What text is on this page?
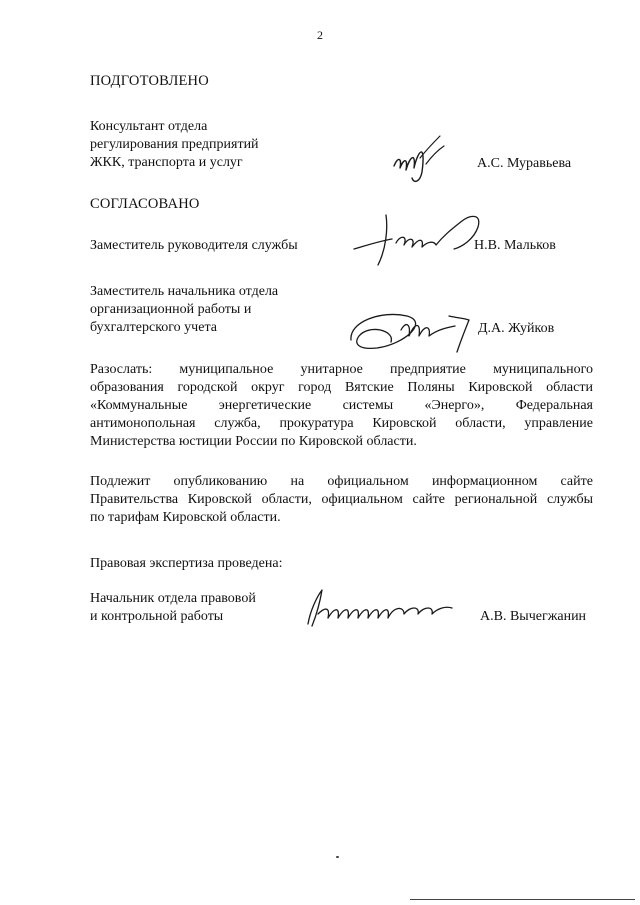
2
ПОДГОТОВЛЕНО
Консультант отдела
регулирования предприятий
ЖКК, транспорта и услуг	А.С. Муравьева
СОГЛАСОВАНО
Заместитель руководителя службы	Н.В. Мальков
Заместитель начальника отдела
организационной работы и
бухгалтерского учета	Д.А. Жуйков
Разослать: муниципальное унитарное предприятие муниципального
образования городской округ город Вятские Поляны Кировской области
«Коммунальные энергетические системы «Энерго», Федеральная
антимонопольная служба, прокуратура Кировской области, управление
Министерства юстиции России по Кировской области.
Подлежит опубликованию на официальном информационном сайте
Правительства Кировской области, официальном сайте региональной службы
по тарифам Кировской области.
Правовая экспертиза проведена:
Начальник отдела правовой
и контрольной работы	А.В. Вычегжанин
